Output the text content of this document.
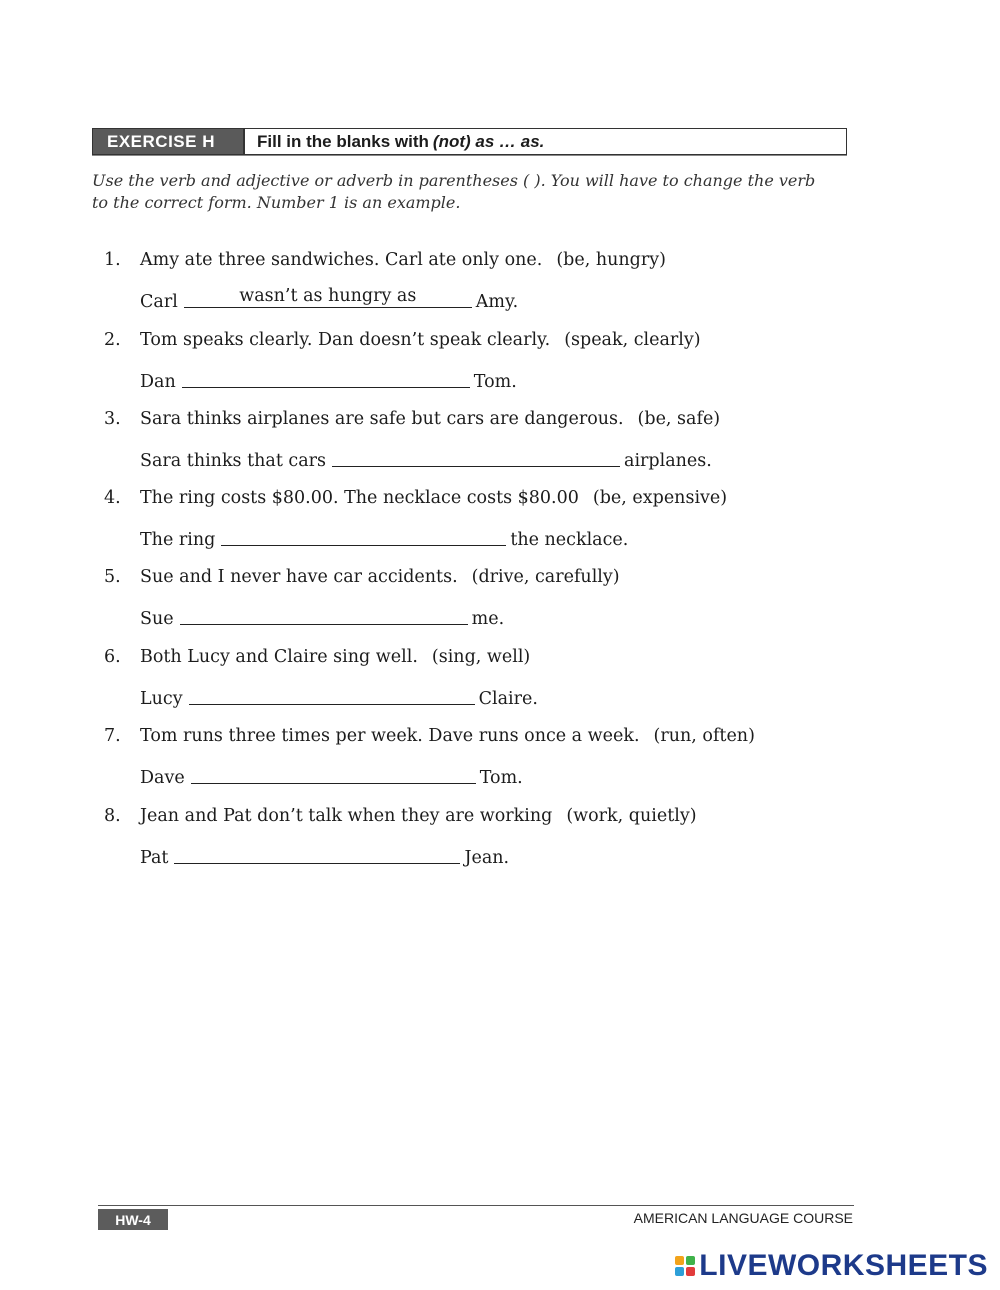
EXERCISE H	Fill in the blanks with (not) as … as.
Use the verb and adjective or adverb in parentheses ( ). You will have to change the verb to the correct form. Number 1 is an example.
1. Amy ate three sandwiches. Carl ate only one. (be, hungry)
Carl	wasn’t as hungry as	Amy.
2. Tom speaks clearly. Dan doesn’t speak clearly. (speak, clearly)
Dan	Tom.
3. Sara thinks airplanes are safe but cars are dangerous. (be, safe)
Sara thinks that cars	airplanes.
4. The ring costs $80.00. The necklace costs $80.00 (be, expensive)
The ring	the necklace.
5. Sue and I never have car accidents. (drive, carefully)
Sue	me.
6. Both Lucy and Claire sing well. (sing, well)
Lucy	Claire.
7. Tom runs three times per week. Dave runs once a week. (run, often)
Dave	Tom.
8. Jean and Pat don’t talk when they are working (work, quietly)
Pat	Jean.
HW-4	AMERICAN LANGUAGE COURSE
LIVEWORKSHEETS
